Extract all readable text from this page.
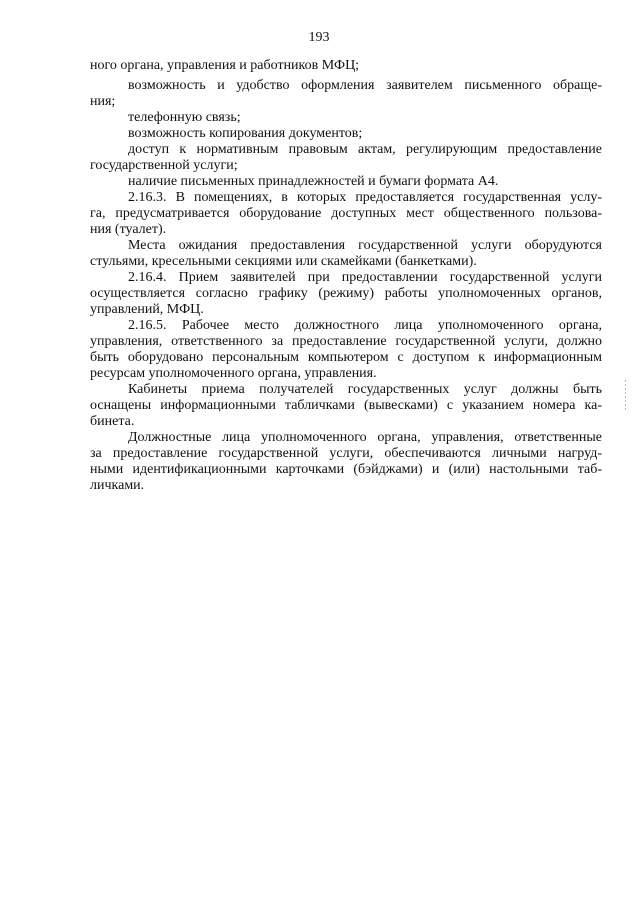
193
ного органа, управления и работников МФЦ;
возможность и удобство оформления заявителем письменного обраще-
ния;
телефонную связь;
возможность копирования документов;
доступ к нормативным правовым актам, регулирующим предоставление
государственной услуги;
наличие письменных принадлежностей и бумаги формата А4.
2.16.3. В помещениях, в которых предоставляется государственная услу-
га, предусматривается оборудование доступных мест общественного пользова-
ния (туалет).
Места ожидания предоставления государственной услуги оборудуются
стульями, кресельными секциями или скамейками (банкетками).
2.16.4. Прием заявителей при предоставлении государственной услуги
осуществляется согласно графику (режиму) работы уполномоченных органов,
управлений, МФЦ.
2.16.5. Рабочее место должностного лица уполномоченного органа,
управления, ответственного за предоставление государственной услуги, должно
быть оборудовано персональным компьютером с доступом к информационным
ресурсам уполномоченного органа, управления.
Кабинеты приема получателей государственных услуг должны быть
оснащены информационными табличками (вывесками) с указанием номера ка-
бинета.
Должностные лица уполномоченного органа, управления, ответственные
за предоставление государственной услуги, обеспечиваются личными нагруд-
ными идентификационными карточками (бэйджами) и (или) настольными таб-
личками.
